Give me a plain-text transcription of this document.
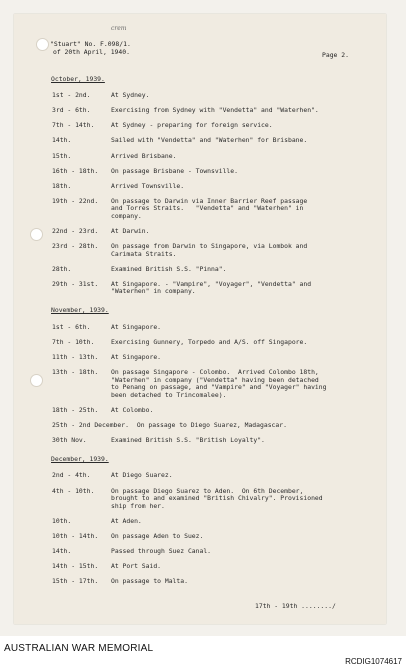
"Stuart" No. F.098/1.
of 20th April, 1940.	Page 2.
crem
October, 1939.
1st - 2nd.	At Sydney.
3rd - 6th.	Exercising from Sydney with "Vendetta" and "Waterhen".
7th - 14th.	At Sydney - preparing for foreign service.
14th.	Sailed with "Vendetta" and "Waterhen" for Brisbane.
15th.	Arrived Brisbane.
16th - 18th. On passage Brisbane - Townsville.
18th.	Arrived Townsville.
19th - 22nd. On passage to Darwin via Inner Barrier Reef passage
and Torres Straits.   "Vendetta" and "Waterhen" in
company.
22nd - 23rd. At Darwin.
23rd - 28th. On passage from Darwin to Singapore, via Lombok and
Carimata Straits.
28th.	Examined British S.S. "Pinna".
29th - 31st. At Singapore. - "Vampire", "Voyager", "Vendetta" and
"Waterhen" in company.
November, 1939.
1st - 6th.	At Singapore.
7th - 10th.	Exercising Gunnery, Torpedo and A/S. off Singapore.
11th - 13th. At Singapore.
13th - 18th. On passage Singapore - Colombo.  Arrived Colombo 18th,
"Waterhen" in company ("Vendetta" having been detached
to Penang on passage, and "Vampire" and "Voyager" having
been detached to Trincomalee).
18th - 25th. At Colombo.
25th - 2nd December. On passage to Diego Suarez, Madagascar.
30th Nov.	Examined British S.S. "British Loyalty".
December, 1939.
2nd - 4th.	At Diego Suarez.
4th - 10th.	On passage Diego Suarez to Aden.  On 6th December,
brought to and examined "British Chivalry". Provisioned
ship from her.
10th.	At Aden.
10th - 14th. On passage Aden to Suez.
14th.	Passed through Suez Canal.
14th - 15th. At Port Said.
15th - 17th. On passage to Malta.
17th - 19th ......../
AUSTRALIAN WAR MEMORIAL
RCDIG1074617
